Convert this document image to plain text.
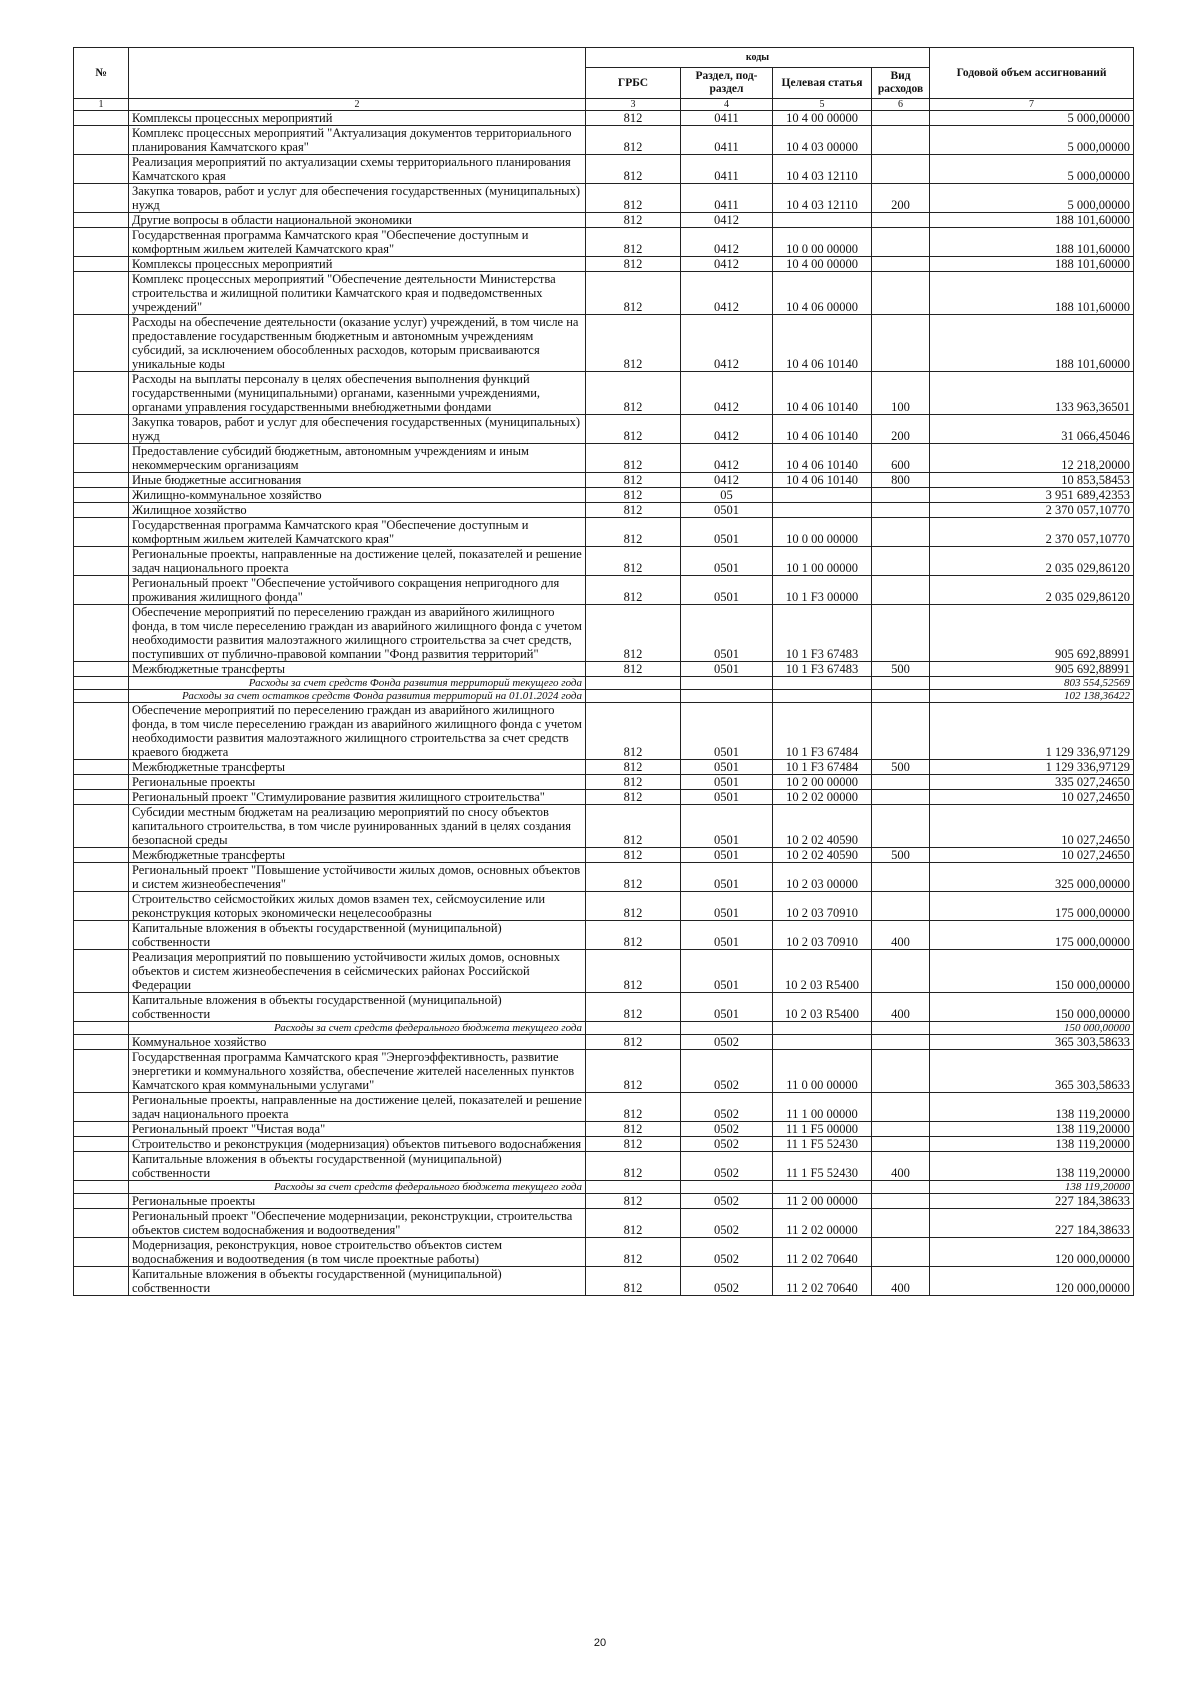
№		коды				Годовой объем ассигнований
		ГРБС	Раздел, под-раздел	Целевая статья	Вид расходов	
1	2	3	4	5	6	7
	Комплексы процессных мероприятий	812	0411	10 4 00 00000		5 000,00000
	Комплекс процессных мероприятий "Актуализация документов территориального планирования Камчатского края"	812	0411	10 4 03 00000		5 000,00000
	Реализация мероприятий по актуализации схемы территориального планирования Камчатского края	812	0411	10 4 03 12110		5 000,00000
	Закупка товаров, работ и услуг для обеспечения государственных (муниципальных) нужд	812	0411	10 4 03 12110	200	5 000,00000
	Другие вопросы в области национальной экономики	812	0412			188 101,60000
	Государственная программа Камчатского края "Обеспечение доступным и комфортным жильем жителей Камчатского края"	812	0412	10 0 00 00000		188 101,60000
	Комплексы процессных мероприятий	812	0412	10 4 00 00000		188 101,60000
	Комплекс процессных мероприятий "Обеспечение деятельности Министерства строительства и жилищной политики Камчатского края и подведомственных учреждений"	812	0412	10 4 06 00000		188 101,60000
	Расходы на обеспечение деятельности (оказание услуг) учреждений, в том числе на предоставление государственным бюджетным и автономным учреждениям субсидий, за исключением обособленных расходов, которым присваиваются уникальные коды	812	0412	10 4 06 10140		188 101,60000
	Расходы на выплаты персоналу в целях обеспечения выполнения функций государственными (муниципальными) органами, казенными учреждениями, органами управления государственными внебюджетными фондами	812	0412	10 4 06 10140	100	133 963,36501
	Закупка товаров, работ и услуг для обеспечения государственных (муниципальных) нужд	812	0412	10 4 06 10140	200	31 066,45046
	Предоставление субсидий бюджетным, автономным учреждениям и иным некоммерческим организациям	812	0412	10 4 06 10140	600	12 218,20000
	Иные бюджетные ассигнования	812	0412	10 4 06 10140	800	10 853,58453
	Жилищно-коммунальное хозяйство	812	05			3 951 689,42353
	Жилищное хозяйство	812	0501			2 370 057,10770
	Государственная программа Камчатского края "Обеспечение доступным и комфортным жильем жителей Камчатского края"	812	0501	10 0 00 00000		2 370 057,10770
	Региональные проекты, направленные на достижение целей, показателей и решение задач национального проекта	812	0501	10 1 00 00000		2 035 029,86120
	Региональный проект "Обеспечение устойчивого сокращения непригодного для проживания жилищного фонда"	812	0501	10 1 F3 00000		2 035 029,86120
	Обеспечение мероприятий по переселению граждан из аварийного жилищного фонда, в том числе переселению граждан из аварийного жилищного фонда с учетом необходимости развития малоэтажного жилищного строительства за счет средств, поступивших от публично-правовой компании "Фонд развития территорий"	812	0501	10 1 F3 67483		905 692,88991
	Межбюджетные трансферты	812	0501	10 1 F3 67483	500	905 692,88991
	Расходы за счет средств Фонда развития территорий текущего года					803 554,52569
	Расходы за счет остатков средств Фонда развития территорий на 01.01.2024 года					102 138,36422
	Обеспечение мероприятий по переселению граждан из аварийного жилищного фонда, в том числе переселению граждан из аварийного жилищного фонда с учетом необходимости развития малоэтажного жилищного строительства за счет средств краевого бюджета	812	0501	10 1 F3 67484		1 129 336,97129
	Межбюджетные трансферты	812	0501	10 1 F3 67484	500	1 129 336,97129
	Региональные проекты	812	0501	10 2 00 00000		335 027,24650
	Региональный проект "Стимулирование развития жилищного строительства"	812	0501	10 2 02 00000		10 027,24650
	Субсидии местным бюджетам на реализацию мероприятий по сносу объектов капитального строительства, в том числе руинированных зданий в целях создания безопасной среды	812	0501	10 2 02 40590		10 027,24650
	Межбюджетные трансферты	812	0501	10 2 02 40590	500	10 027,24650
	Региональный проект "Повышение устойчивости жилых домов, основных объектов и систем жизнеобеспечения"	812	0501	10 2 03 00000		325 000,00000
	Строительство сейсмостойких жилых домов взамен тех, сейсмоусиление или реконструкция которых экономически нецелесообразны	812	0501	10 2 03 70910		175 000,00000
	Капитальные вложения в объекты государственной (муниципальной) собственности	812	0501	10 2 03 70910	400	175 000,00000
	Реализация мероприятий по повышению устойчивости жилых домов, основных объектов и систем жизнеобеспечения в сейсмических районах Российской Федерации	812	0501	10 2 03 R5400		150 000,00000
	Капитальные вложения в объекты государственной (муниципальной) собственности	812	0501	10 2 03 R5400	400	150 000,00000
	Расходы за счет средств федерального бюджета текущего года					150 000,00000
	Коммунальное хозяйство	812	0502			365 303,58633
	Государственная программа Камчатского края "Энергоэффективность, развитие энергетики и коммунального хозяйства, обеспечение жителей населенных пунктов Камчатского края коммунальными услугами"	812	0502	11 0 00 00000		365 303,58633
	Региональные проекты, направленные на достижение целей, показателей и решение задач национального проекта	812	0502	11 1 00 00000		138 119,20000
	Региональный проект "Чистая вода"	812	0502	11 1 F5 00000		138 119,20000
	Строительство и реконструкция (модернизация) объектов питьевого водоснабжения	812	0502	11 1 F5 52430		138 119,20000
	Капитальные вложения в объекты государственной (муниципальной) собственности	812	0502	11 1 F5 52430	400	138 119,20000
	Расходы за счет средств федерального бюджета текущего года					138 119,20000
	Региональные проекты	812	0502	11 2 00 00000		227 184,38633
	Региональный проект "Обеспечение модернизации, реконструкции, строительства объектов систем водоснабжения и водоотведения"	812	0502	11 2 02 00000		227 184,38633
	Модернизация, реконструкция, новое строительство объектов систем водоснабжения и водоотведения (в том числе проектные работы)	812	0502	11 2 02 70640		120 000,00000
	Капитальные вложения в объекты государственной (муниципальной) собственности	812	0502	11 2 02 70640	400	120 000,00000
20
